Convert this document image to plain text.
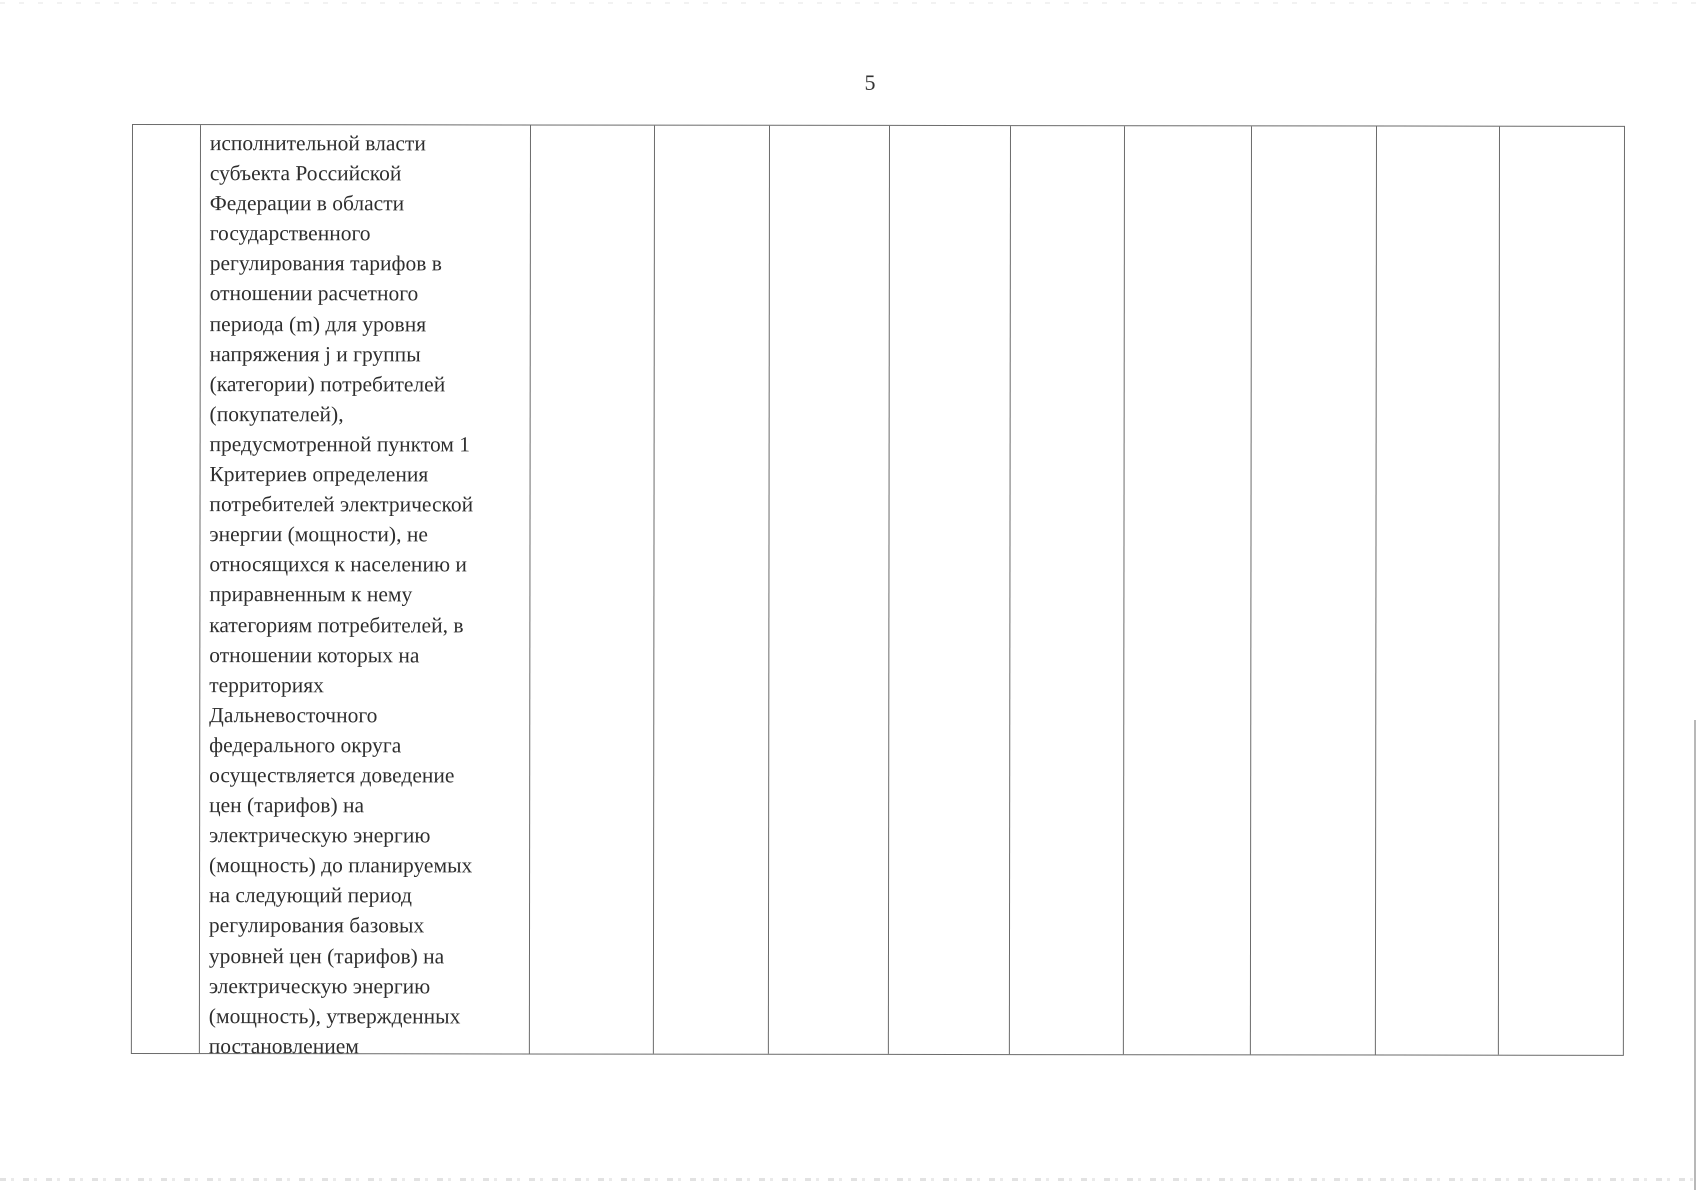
5
исполнительной власти
субъекта Российской
Федерации в области
государственного
регулирования тарифов в
отношении расчетного
периода (m) для уровня
напряжения j и группы
(категории) потребителей
(покупателей),
предусмотренной пунктом 1
Критериев определения
потребителей электрической
энергии (мощности), не
относящихся к населению и
приравненным к нему
категориям потребителей, в
отношении которых на
территориях
Дальневосточного
федерального округа
осуществляется доведение
цен (тарифов) на
электрическую энергию
(мощность) до планируемых
на следующий период
регулирования базовых
уровней цен (тарифов) на
электрическую энергию
(мощность), утвержденных
постановлением
